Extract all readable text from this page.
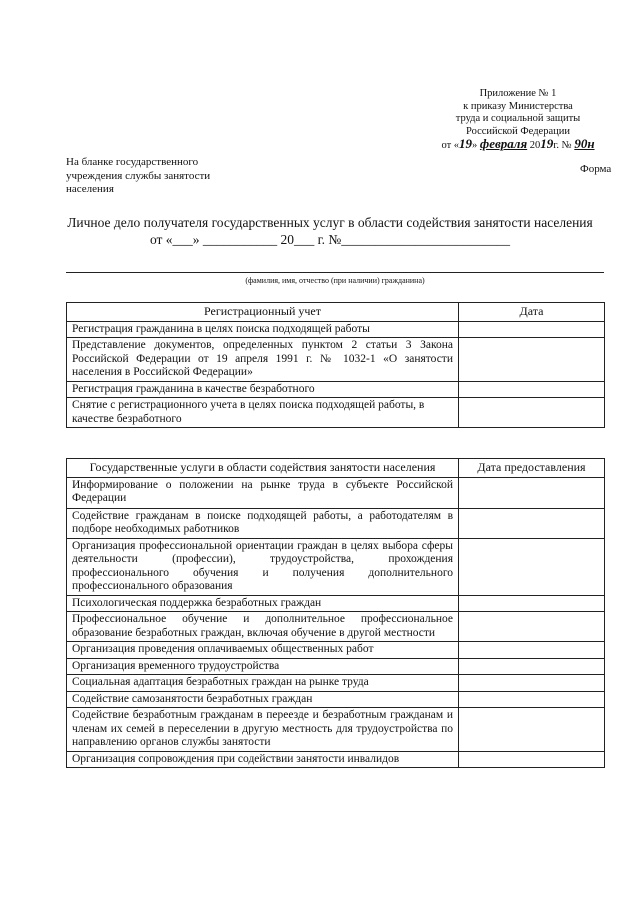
Приложение № 1
к приказу Министерства
труда и социальной защиты
Российской Федерации
от «19» февраля 2019г. № 90н
На бланке государственного учреждения службы занятости населения
Форма
Личное дело получателя государственных услуг в области содействия занятости населения
от «___» ___________ 20___ г. №_________________________
(фамилия, имя, отчество (при наличии) гражданина)
Регистрационный учет	Дата
Регистрация гражданина в целях поиска подходящей работы	
Представление документов, определенных пунктом 2 статьи 3 Закона Российской Федерации от 19 апреля 1991 г. № 1032-1 «О занятости населения в Российской Федерации»	
Регистрация гражданина в качестве безработного	
Снятие с регистрационного учета в целях поиска подходящей работы, в качестве безработного	
Государственные услуги в области содействия занятости населения	Дата предоставления
Информирование о положении на рынке труда в субъекте Российской Федерации	
Содействие гражданам в поиске подходящей работы, а работодателям в подборе необходимых работников	
Организация профессиональной ориентации граждан в целях выбора сферы деятельности (профессии), трудоустройства, прохождения профессионального обучения и получения дополнительного профессионального образования	
Психологическая поддержка безработных граждан	
Профессиональное обучение и дополнительное профессиональное образование безработных граждан, включая обучение в другой местности	
Организация проведения оплачиваемых общественных работ	
Организация временного трудоустройства	
Социальная адаптация безработных граждан на рынке труда	
Содействие самозанятости безработных граждан	
Содействие безработным гражданам в переезде и безработным гражданам и членам их семей в переселении в другую местность для трудоустройства по направлению органов службы занятости	
Организация сопровождения при содействии занятости инвалидов	
